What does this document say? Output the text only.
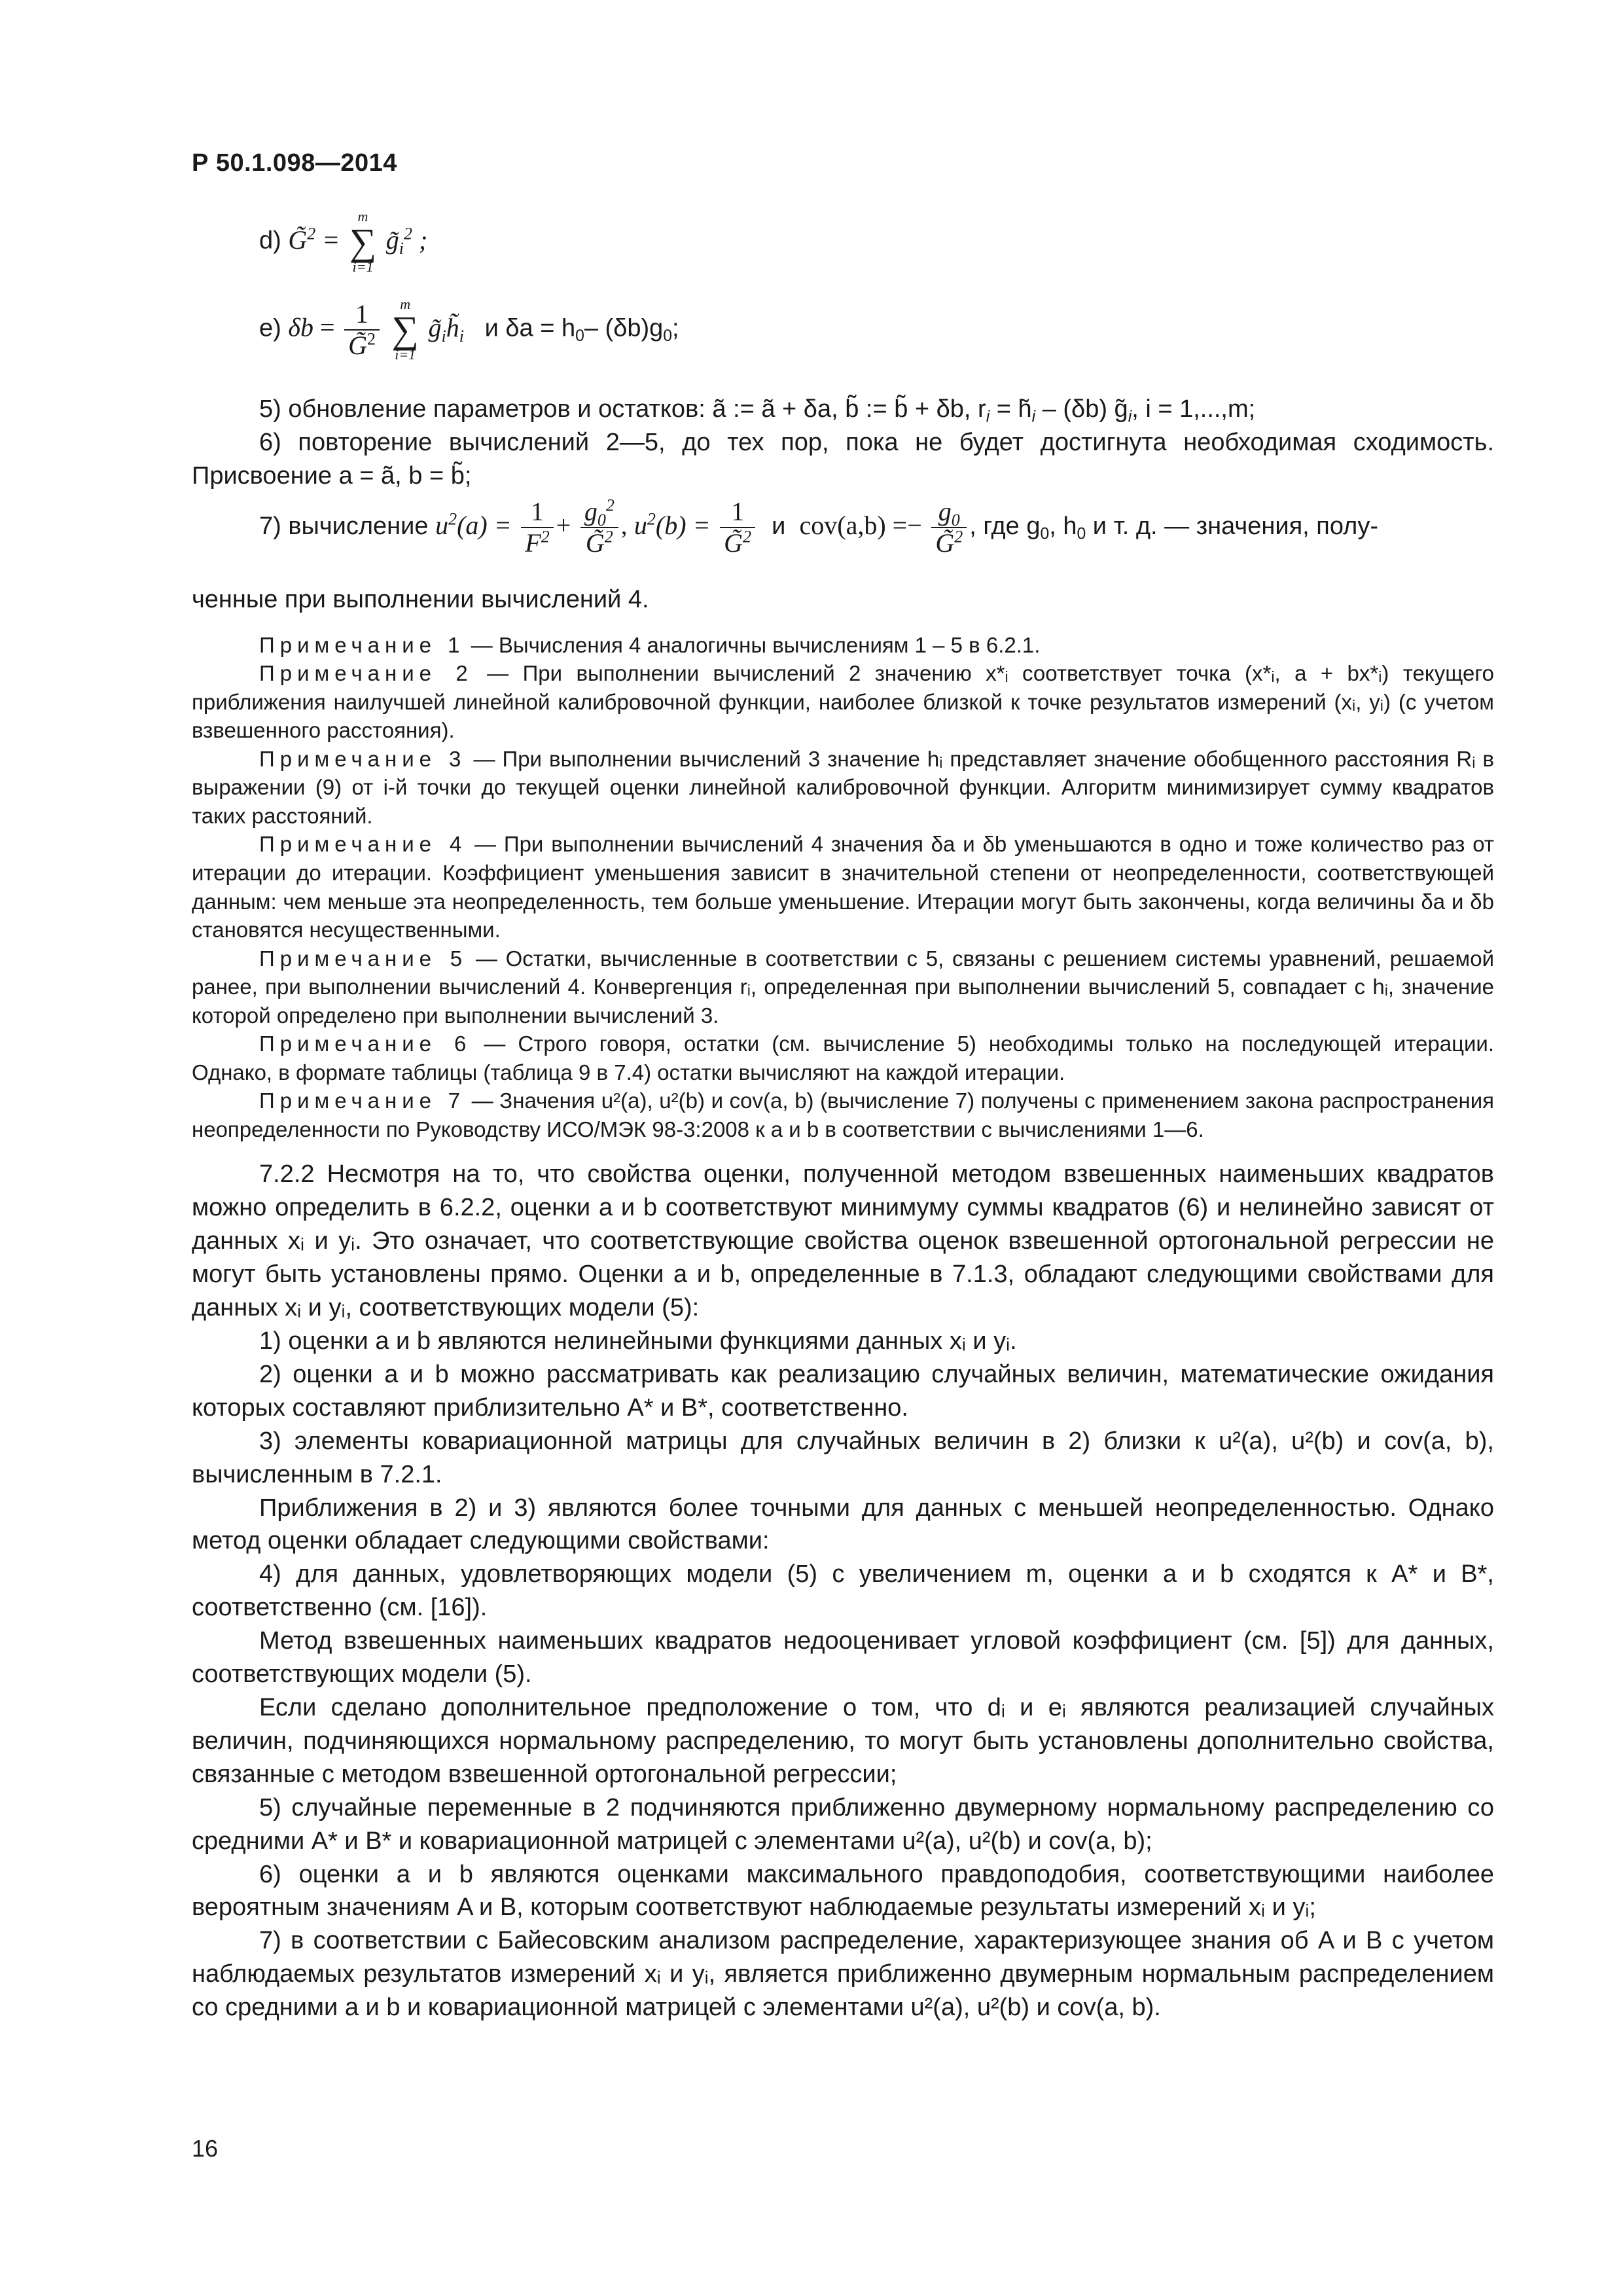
Р 50.1.098—2014
d) G̃$^2$ =
m
∑
i=1
$g̃_i^2$ ;
e) $\delta b = \frac{1}{G̃^2}$
	m
∑
i=1
$g̃_ih̃_i$ и $\delta a = h_0-$ $(\delta b)g_0$;

5) обновление параметров и остатков: ã := ã + δa, b̃ := b̃ + δb, $r_i$ = $h̃_i - (\delta b)$ $g̃_i$, i = 1,...,m;

6) повторение вычислений 2—5, до тех пор, пока не будет достигнута необходимая сходимость. Присвоение a = ã, b = b̃;

7) вычисление $u^2(a) = \frac{1}{F^2} + \frac{g_0^2}{G̃^2}$ , $u^2(b) = \frac{1}{G̃^2}$ и $cov(a,b) =- \frac{g_0}{G̃^2}$ , где $g_0$, $h_0$ и т. д. — значения, полу-

ченные при выполнении вычислений 4.

Примечание 1 — Вычисления 4 аналогичны вычислениям 1 – 5 в 6.2.1.

Примечание 2 — При выполнении вычислений 2 значению x*ᵢ соответствует точка (x*ᵢ, a + bx*ᵢ) текущего приближения наилучшей линейной калибровочной функции, наиболее близкой к точке результатов измерений (xᵢ, yᵢ) (с учетом взвешенного расстояния).

Примечание 3 — При выполнении вычислений 3 значение hᵢ представляет значение обобщенного расстояния Rᵢ в выражении (9) от i-й точки до текущей оценки линейной калибровочной функции. Алгоритм минимизирует сумму квадратов таких расстояний.

Примечание 4 — При выполнении вычислений 4 значения δa и δb уменьшаются в одно и тоже количество раз от итерации до итерации. Коэффициент уменьшения зависит в значительной степени от неопределенности, соответствующей данным: чем меньше эта неопределенность, тем больше уменьшение. Итерации могут быть закончены, когда величины δa и δb становятся несущественными.

Примечание 5 — Остатки, вычисленные в соответствии с 5, связаны с решением системы уравнений, решаемой ранее, при выполнении вычислений 4. Конвергенция rᵢ, определенная при выполнении вычислений 5, совпадает с hᵢ, значение которой определено при выполнении вычислений 3.

Примечание 6 — Строго говоря, остатки (см. вычисление 5) необходимы только на последующей итерации. Однако, в формате таблицы (таблица 9 в 7.4) остатки вычисляют на каждой итерации.

Примечание 7 — Значения u²(a), u²(b) и cov(a, b) (вычисление 7) получены с применением закона распространения неопределенности по Руководству ИСО/МЭК 98-3:2008 к a и b в соответствии с вычислениями 1—6.

7.2.2 Несмотря на то, что свойства оценки, полученной методом взвешенных наименьших квадратов можно определить в 6.2.2, оценки a и b соответствуют минимуму суммы квадратов (6) и нелинейно зависят от данных xᵢ и yᵢ. Это означает, что соответствующие свойства оценок взвешенной ортогональной регрессии не могут быть установлены прямо. Оценки a и b, определенные в 7.1.3, обладают следующими свойствами для данных xᵢ и yᵢ, соответствующих модели (5):

1) оценки a и b являются нелинейными функциями данных xᵢ и yᵢ.

2) оценки a и b можно рассматривать как реализацию случайных величин, математические ожидания которых составляют приблизительно A* и B*, соответственно.

3) элементы ковариационной матрицы для случайных величин в 2) близки к u²(a), u²(b) и cov(a, b), вычисленным в 7.2.1.

Приближения в 2) и 3) являются более точными для данных с меньшей неопределенностью. Однако метод оценки обладает следующими свойствами:

4) для данных, удовлетворяющих модели (5) с увеличением m, оценки a и b сходятся к A* и B*, соответственно (см. [16]).

Метод взвешенных наименьших квадратов недооценивает угловой коэффициент (см. [5]) для данных, соответствующих модели (5).

Если сделано дополнительное предположение о том, что dᵢ и eᵢ являются реализацией случайных величин, подчиняющихся нормальному распределению, то могут быть установлены дополнительно свойства, связанные с методом взвешенной ортогональной регрессии;

5) случайные переменные в 2 подчиняются приближенно двумерному нормальному распределению со средними A* и B* и ковариационной матрицей с элементами u²(a), u²(b) и cov(a, b);

6) оценки a и b являются оценками максимального правдоподобия, соответствующими наиболее вероятным значениям A и B, которым соответствуют наблюдаемые результаты измерений xᵢ и yᵢ;

7) в соответствии с Байесовским анализом распределение, характеризующее знания об A и B с учетом наблюдаемых результатов измерений xᵢ и yᵢ, является приближенно двумерным нормальным распределением со средними a и b и ковариационной матрицей с элементами u²(a), u²(b) и cov(a, b).

16
